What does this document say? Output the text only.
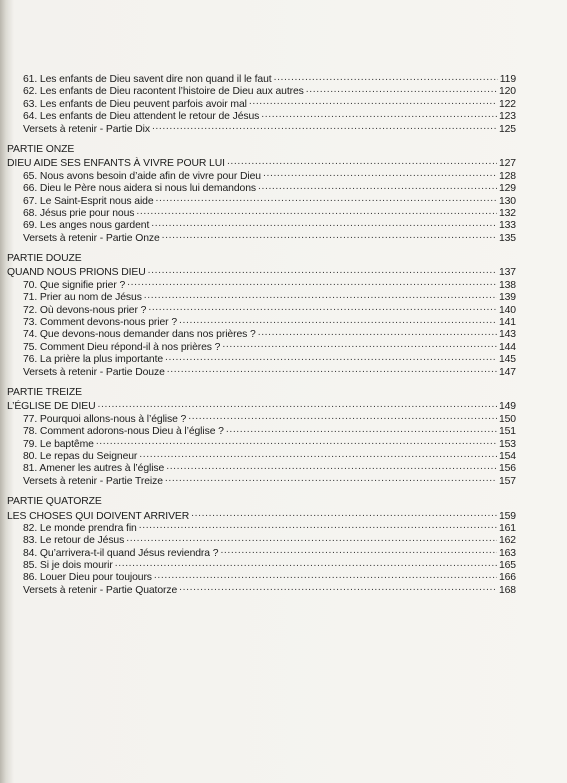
61. Les enfants de Dieu savent dire non quand il le faut .....	119
62. Les enfants de Dieu racontent l’histoire de Dieu aux autres .....	120
63. Les enfants de Dieu peuvent parfois avoir mal .....	122
64. Les enfants de Dieu attendent le retour de Jésus .....	123
Versets à retenir - Partie Dix .....	125
PARTIE ONZE
DIEU AIDE SES ENFANTS À VIVRE POUR LUI .....	127
65. Nous avons besoin d’aide afin de vivre pour Dieu .....	128
66. Dieu le Père nous aidera si nous lui demandons .....	129
67. Le Saint-Esprit nous aide .....	130
68. Jésus prie pour nous .....	132
69. Les anges nous gardent .....	133
Versets à retenir - Partie Onze .....	135
PARTIE DOUZE
QUAND NOUS PRIONS DIEU .....	137
70. Que signifie prier ? .....	138
71. Prier au nom de Jésus .....	139
72. Où devons-nous prier ? .....	140
73. Comment devons-nous prier ? .....	141
74. Que devons-nous demander dans nos prières ? .....	143
75. Comment Dieu répond-il à nos prières ? .....	144
76. La prière la plus importante .....	145
Versets à retenir - Partie Douze .....	147
PARTIE TREIZE
L’ÉGLISE DE DIEU .....	149
77. Pourquoi allons-nous à l’église ? .....	150
78. Comment adorons-nous Dieu à l’église ? .....	151
79. Le baptême .....	153
80. Le repas du Seigneur .....	154
81. Amener les autres à l’église .....	156
Versets à retenir - Partie Treize .....	157
PARTIE QUATORZE
LES CHOSES QUI DOIVENT ARRIVER .....	159
82. Le monde prendra fin .....	161
83. Le retour de Jésus .....	162
84. Qu’arrivera-t-il quand Jésus reviendra ? .....	163
85. Si je dois mourir .....	165
86. Louer Dieu pour toujours .....	166
Versets à retenir - Partie Quatorze .....	168
